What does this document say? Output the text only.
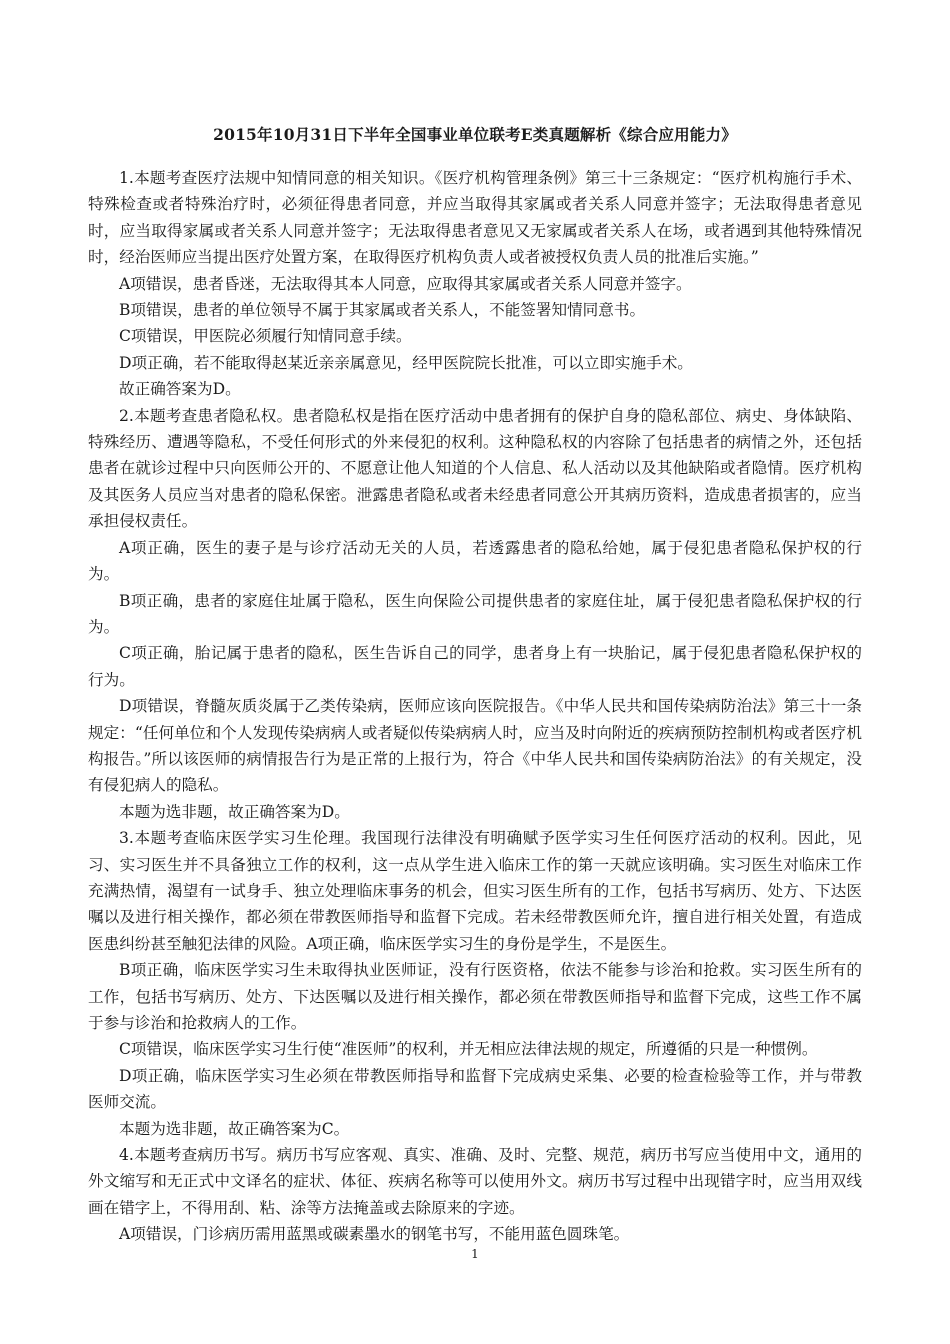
2015年10月31日下半年全国事业单位联考E类真题解析《综合应用能力》

1.本题考查医疗法规中知情同意的相关知识。《医疗机构管理条例》第三十三条规定：“医疗机构施行手术、特殊检查或者特殊治疗时，必须征得患者同意，并应当取得其家属或者关系人同意并签字；无法取得患者意见时，应当取得家属或者关系人同意并签字；无法取得患者意见又无家属或者关系人在场，或者遇到其他特殊情况时，经治医师应当提出医疗处置方案，在取得医疗机构负责人或者被授权负责人员的批准后实施。”

A项错误，患者昏迷，无法取得其本人同意，应取得其家属或者关系人同意并签字。

B项错误，患者的单位领导不属于其家属或者关系人，不能签署知情同意书。

C项错误，甲医院必须履行知情同意手续。

D项正确，若不能取得赵某近亲亲属意见，经甲医院院长批准，可以立即实施手术。

故正确答案为D。

2.本题考查患者隐私权。患者隐私权是指在医疗活动中患者拥有的保护自身的隐私部位、病史、身体缺陷、特殊经历、遭遇等隐私，不受任何形式的外来侵犯的权利。这种隐私权的内容除了包括患者的病情之外，还包括患者在就诊过程中只向医师公开的、不愿意让他人知道的个人信息、私人活动以及其他缺陷或者隐情。医疗机构及其医务人员应当对患者的隐私保密。泄露患者隐私或者未经患者同意公开其病历资料，造成患者损害的，应当承担侵权责任。

A项正确，医生的妻子是与诊疗活动无关的人员，若透露患者的隐私给她，属于侵犯患者隐私保护权的行为。

B项正确，患者的家庭住址属于隐私，医生向保险公司提供患者的家庭住址，属于侵犯患者隐私保护权的行为。

C项正确，胎记属于患者的隐私，医生告诉自己的同学，患者身上有一块胎记，属于侵犯患者隐私保护权的行为。

D项错误，脊髓灰质炎属于乙类传染病，医师应该向医院报告。《中华人民共和国传染病防治法》第三十一条规定：“任何单位和个人发现传染病病人或者疑似传染病病人时，应当及时向附近的疾病预防控制机构或者医疗机构报告。”所以该医师的病情报告行为是正常的上报行为，符合《中华人民共和国传染病防治法》的有关规定，没有侵犯病人的隐私。

本题为选非题，故正确答案为D。

3.本题考查临床医学实习生伦理。我国现行法律没有明确赋予医学实习生任何医疗活动的权利。因此，见习、实习医生并不具备独立工作的权利，这一点从学生进入临床工作的第一天就应该明确。实习医生对临床工作充满热情，渴望有一试身手、独立处理临床事务的机会，但实习医生所有的工作，包括书写病历、处方、下达医嘱以及进行相关操作，都必须在带教医师指导和监督下完成。若未经带教医师允许，擅自进行相关处置，有造成医患纠纷甚至触犯法律的风险。A项正确，临床医学实习生的身份是学生，不是医生。

B项正确，临床医学实习生未取得执业医师证，没有行医资格，依法不能参与诊治和抢救。实习医生所有的工作，包括书写病历、处方、下达医嘱以及进行相关操作，都必须在带教医师指导和监督下完成，这些工作不属于参与诊治和抢救病人的工作。

C项错误，临床医学实习生行使“准医师”的权利，并无相应法律法规的规定，所遵循的只是一种惯例。

D项正确，临床医学实习生必须在带教医师指导和监督下完成病史采集、必要的检查检验等工作，并与带教医师交流。

本题为选非题，故正确答案为C。

4.本题考查病历书写。病历书写应客观、真实、准确、及时、完整、规范，病历书写应当使用中文，通用的外文缩写和无正式中文译名的症状、体征、疾病名称等可以使用外文。病历书写过程中出现错字时，应当用双线画在错字上，不得用刮、粘、涂等方法掩盖或去除原来的字迹。

A项错误，门诊病历需用蓝黑或碳素墨水的钢笔书写，不能用蓝色圆珠笔。

1
